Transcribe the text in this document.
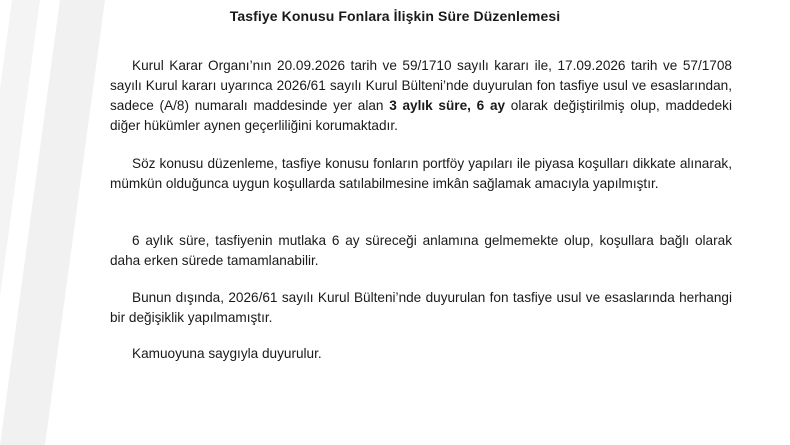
Tasfiye Konusu Fonlara İlişkin Süre Düzenlemesi

Kurul Karar Organı’nın 20.09.2026 tarih ve 59/1710 sayılı kararı ile, 17.09.2026 tarih ve 57/1708 sayılı Kurul kararı uyarınca 2026/61 sayılı Kurul Bülteni’nde duyurulan fon tasfiye usul ve esaslarından, sadece (A/8) numaralı maddesinde yer alan 3 aylık süre, 6 ay olarak değiştirilmiş olup, maddedeki diğer hükümler aynen geçerliliğini korumaktadır.

Söz konusu düzenleme, tasfiye konusu fonların portföy yapıları ile piyasa koşulları dikkate alınarak, mümkün olduğunca uygun koşullarda satılabilmesine imkân sağlamak amacıyla yapılmıştır.

6 aylık süre, tasfiyenin mutlaka 6 ay süreceği anlamına gelmemekte olup, koşullara bağlı olarak daha erken sürede tamamlanabilir.

Bunun dışında, 2026/61 sayılı Kurul Bülteni’nde duyurulan fon tasfiye usul ve esaslarında herhangi bir değişiklik yapılmamıştır.

Kamuoyuna saygıyla duyurulur.
